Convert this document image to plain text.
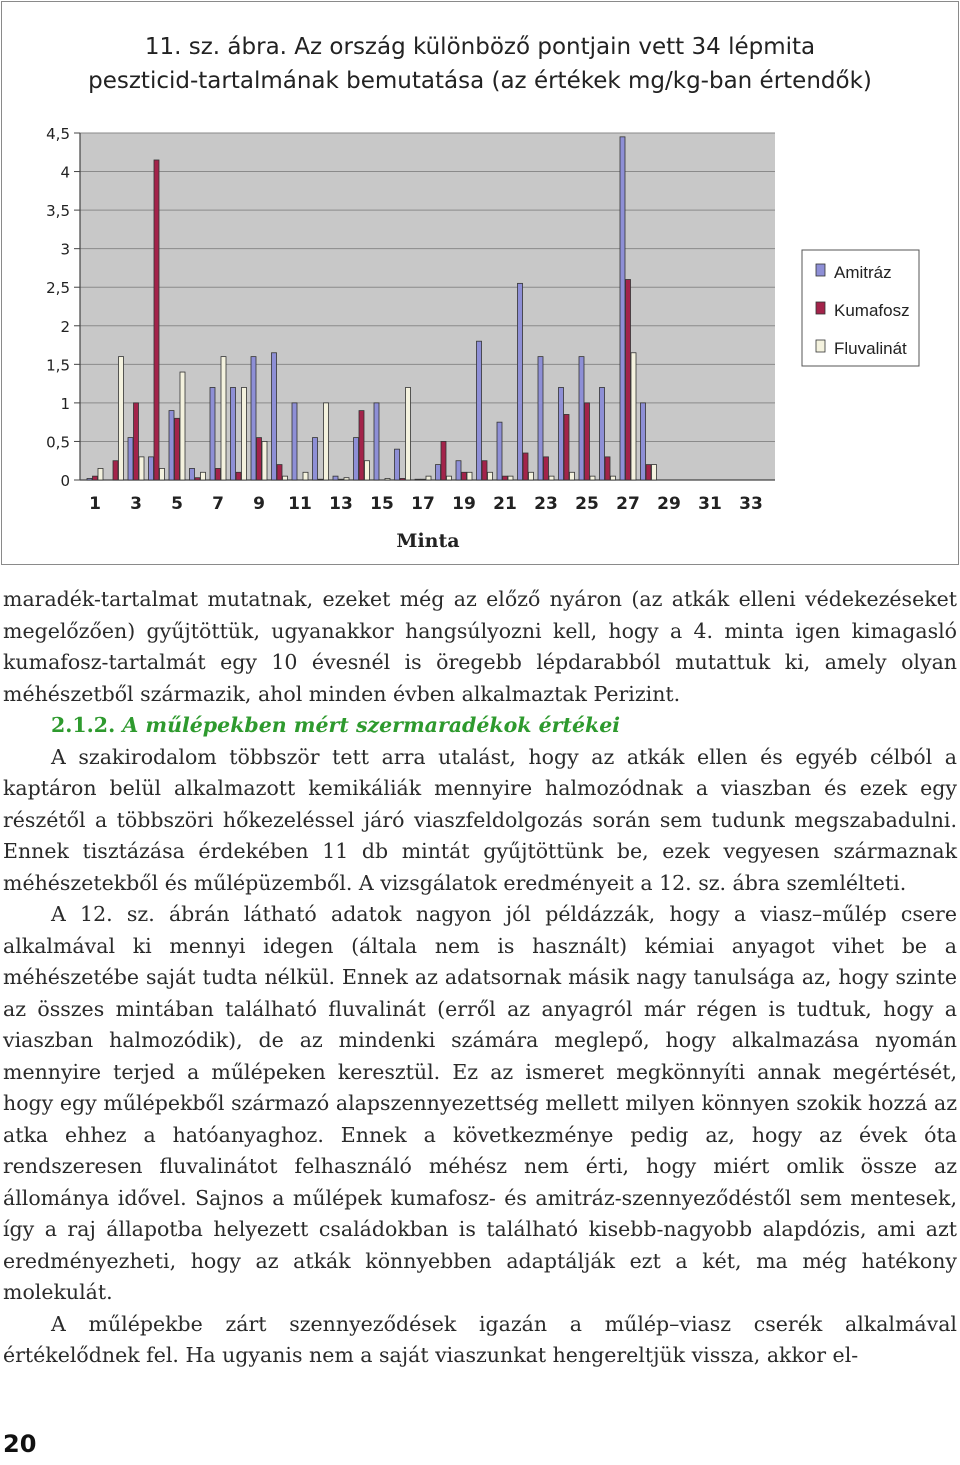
11. sz. ábra. Az ország különböző pontjain vett 34 lépmita peszticid-tartalmának bemutatása (az értékek mg/kg-ban értendők)
0
0,5
1
1,5
2
2,5
3
3,5
4
4,5
1 3 5 7 9 11 13 15 17 19 21 23 25 27 29 31 33
Minta
Amitráz
Kumafosz
Fluvalinát

maradék-tartalmat mutatnak, ezeket még az előző nyáron (az atkák elleni védekezéseket megelőzően) gyűjtöttük, ugyanakkor hangsúlyozni kell, hogy a 4. minta igen kimagasló kumafosz-tartalmát egy 10 évesnél is öregebb lépdarabból mutattuk ki, amely olyan méhészetből származik, ahol minden évben alkalmaztak Perizint.

2.1.2. A műlépekben mért szermaradékok értékei

A szakirodalom többször tett arra utalást, hogy az atkák ellen és egyéb célból a kaptáron belül alkalmazott kemikáliák mennyire halmozódnak a viaszban és ezek egy részétől a többszöri hőkezeléssel járó viaszfeldolgozás során sem tudunk megszabadulni. Ennek tisztázása érdekében 11 db mintát gyűjtöttünk be, ezek vegyesen származnak méhészetekből és műlépüzemből. A vizsgálatok eredményeit a 12. sz. ábra szemlélteti.

A 12. sz. ábrán látható adatok nagyon jól példázzák, hogy a viasz–műlép csere alkalmával ki mennyi idegen (általa nem is használt) kémiai anyagot vihet be a méhészetébe saját tudta nélkül. Ennek az adatsornak másik nagy tanulsága az, hogy szinte az összes mintában található fluvalinát (erről az anyagról már régen is tudtuk, hogy a viaszban halmozódik), de az mindenki számára meglepő, hogy alkalmazása nyomán mennyire terjed a műlépeken keresztül. Ez az ismeret megkönnyíti annak megértését, hogy egy műlépekből származó alapszennyezettség mellett milyen könnyen szokik hozzá az atka ehhez a hatóanyaghoz. Ennek a következménye pedig az, hogy az évek óta rendszeresen fluvalinátot felhasználó méhész nem érti, hogy miért omlik össze az állománya idővel. Sajnos a műlépek kumafosz- és amitráz-szennyeződéstől sem mentesek, így a raj állapotba helyezett családokban is található kisebb-nagyobb alapdózis, ami azt eredményezheti, hogy az atkák könnyebben adaptálják ezt a két, ma még hatékony molekulát.

A műlépekbe zárt szennyeződések igazán a műlép–viasz cserék alkalmával értékelődnek fel. Ha ugyanis nem a saját viaszunkat hengereltjük vissza, akkor el-

20
